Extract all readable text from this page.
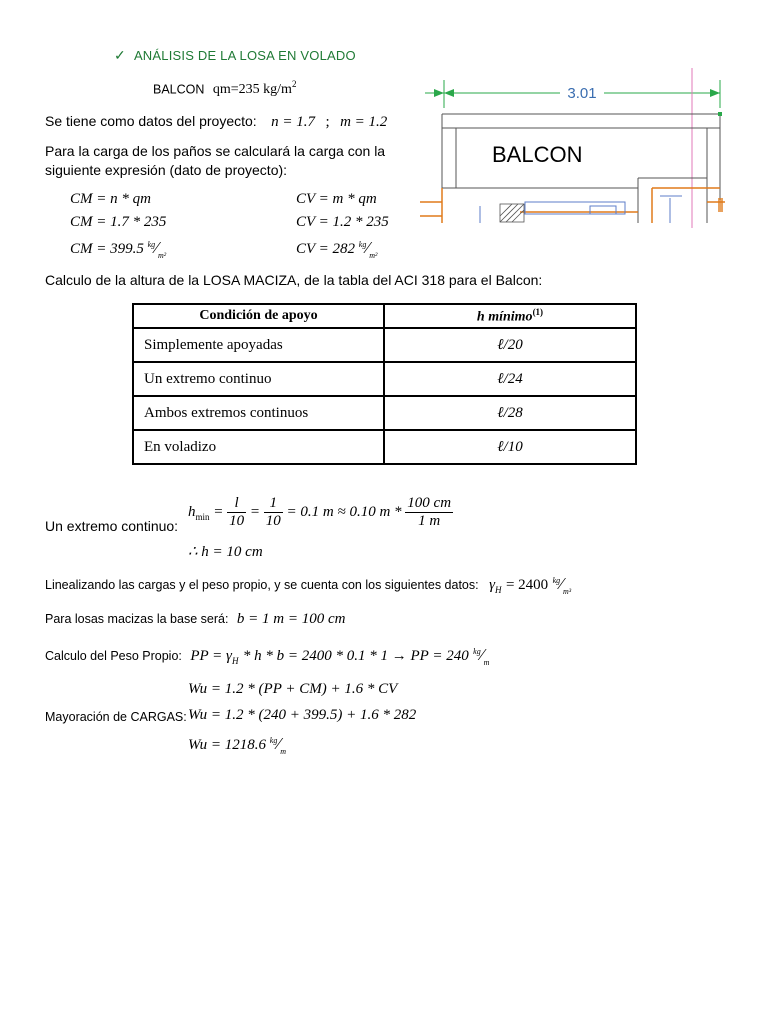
✓ ANÁLISIS DE LA LOSA EN VOLADO
BALCON qm=235 $kg/m^2$
Se tiene como datos del proyecto: n = 1.7 ; m = 1.2
Para la carga de los paños se calculará la carga con la
siguiente expresión (dato de proyecto):
CM = n * qm
CM = 1.7 * 235
CM = 399.5 $^{kg}⁄_{m^2}$
CV = m * qm
CV = 1.2 * 235
CV = 282 $^{kg}⁄_{m^2}$
3.01
BALCON
Calculo de la altura de la LOSA MACIZA, de la tabla del ACI 318 para el Balcon:
Condición de apoyo	h mínimo$^{(1)}$
Simplemente apoyadas	ℓ/20
Un extremo continuo	ℓ/24
Ambos extremos continuos	ℓ/28
En voladizo	ℓ/10
Un extremo continuo:
$h_{min} = \frac{l}{10} = \frac{1}{10} = 0.1$ m ≈ 0.10 m * $\frac{100 cm}{1 m}$
∴ h = 10 cm
Linealizando las cargas y el peso propio, y se cuenta con los siguientes datos: $\gamma_H = 2400$ $^{kg}⁄_{m^3}$
Para losas macizas la base será: b = 1 m = 100 cm
Calculo del Peso Propio: PP = $\gamma_H * h * b = 2400 * 0.1 * 1$ → PP = 240 $^{kg}⁄_m$
Wu = 1.2 * (PP + CM) + 1.6 * CV
Mayoración de CARGAS: Wu = 1.2 * (240 + 399.5) + 1.6 * 282
Wu = 1218.6 $^{kg}⁄_m$
